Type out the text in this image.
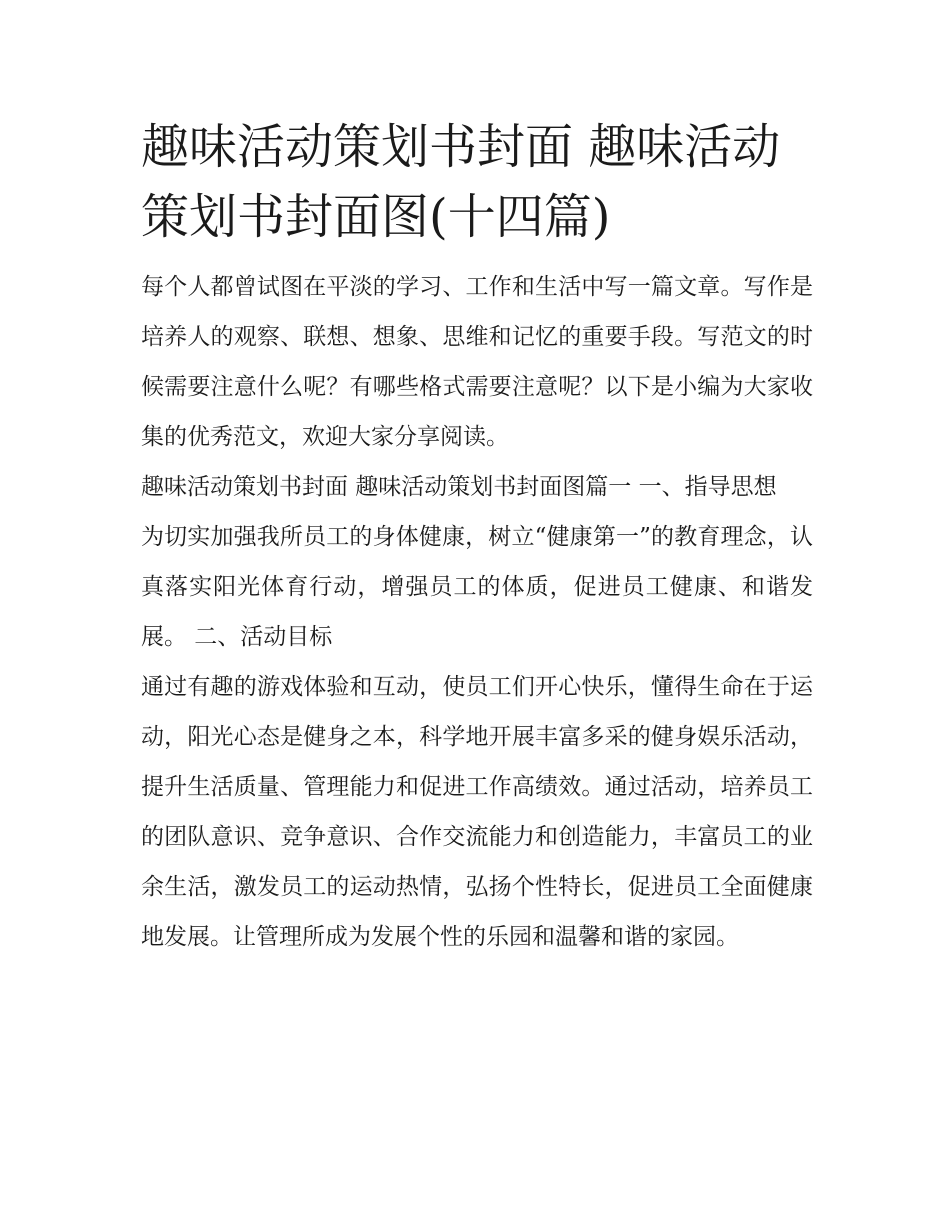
趣味活动策划书封面 趣味活动策划书封面图(十四篇)

每个人都曾试图在平淡的学习、工作和生活中写一篇文章。写作是培养人的观察、联想、想象、思维和记忆的重要手段。写范文的时候需要注意什么呢？有哪些格式需要注意呢？以下是小编为大家收集的优秀范文，欢迎大家分享阅读。

趣味活动策划书封面 趣味活动策划书封面图篇一 一、指导思想

为切实加强我所员工的身体健康，树立“健康第一”的教育理念，认真落实阳光体育行动，增强员工的体质，促进员工健康、和谐发展。 二、活动目标

通过有趣的游戏体验和互动，使员工们开心快乐，懂得生命在于运动，阳光心态是健身之本，科学地开展丰富多采的健身娱乐活动，提升生活质量、管理能力和促进工作高绩效。通过活动，培养员工的团队意识、竞争意识、合作交流能力和创造能力，丰富员工的业余生活，激发员工的运动热情，弘扬个性特长，促进员工全面健康地发展。让管理所成为发展个性的乐园和温馨和谐的家园。
